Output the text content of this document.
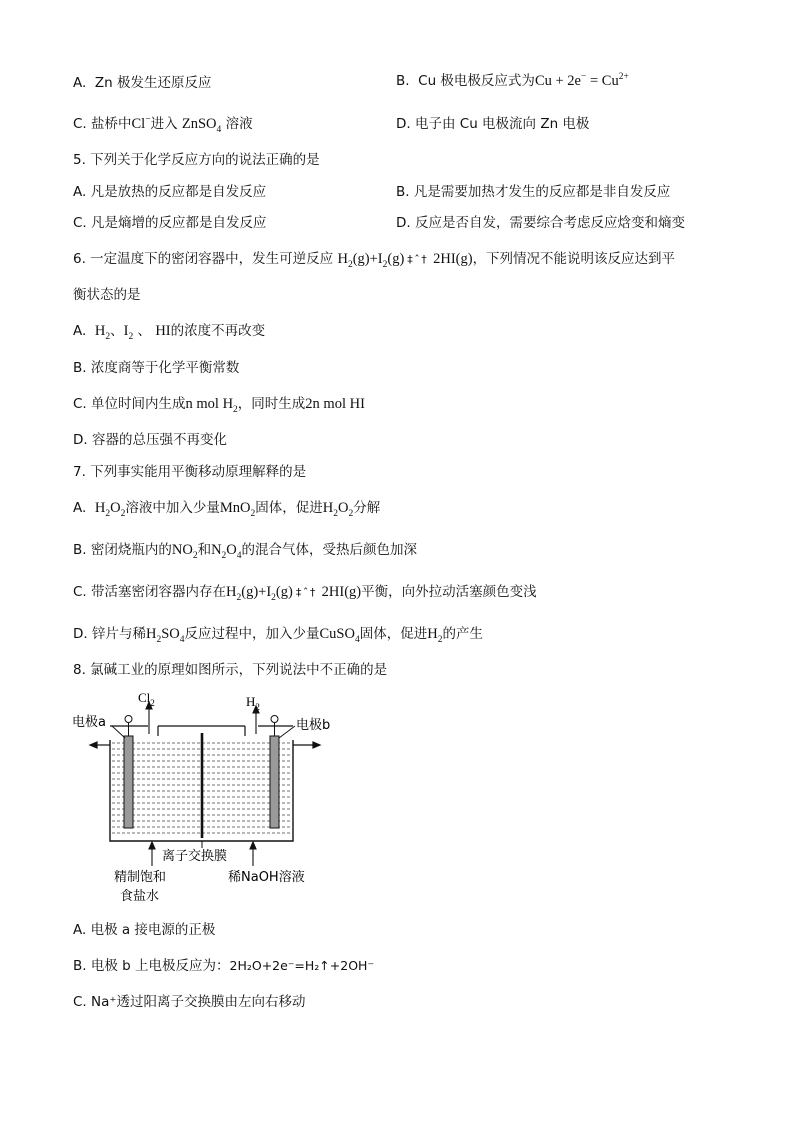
A. Zn 极发生还原反应	B. Cu 极电极反应式为$Cu + 2e^- = Cu^{2+}$
C. 盐桥中Cl−进入 ZnSO$_4$ 溶液	D. 电子由 Cu 电极流向 Zn 电极
5. 下列关于化学反应方向的说法正确的是
A. 凡是放热的反应都是自发反应	B. 凡是需要加热才发生的反应都是非自发反应
C. 凡是熵增的反应都是自发反应	D. 反应是否自发，需要综合考虑反应焓变和熵变
6. 一定温度下的密闭容器中，发生可逆反应 $H_2(g)+I_2(g)$ ‡ ˆ † 2HI(g)，下列情况不能说明该反应达到平
衡状态的是
A. $H_2$、$I_2$ 、 HI的浓度不再改变
B. 浓度商等于化学平衡常数
C. 单位时间内生成n mol $H_2$，同时生成2n mol HI
D. 容器的总压强不再变化
7. 下列事实能用平衡移动原理解释的是
A. $H_2O_2$溶液中加入少量MnO$_2$固体，促进$H_2O_2$分解
B. 密闭烧瓶内的$NO_2$和$N_2O_4$的混合气体，受热后颜色加深
C. 带活塞密闭容器内存在$H_2(g)+I_2(g)$ ‡ ˆ † 2HI(g)平衡，向外拉动活塞颜色变浅
D. 锌片与稀$H_2SO_4$反应过程中，加入少量CuSO$_4$固体，促进$H_2$的产生
8. 氯碱工业的原理如图所示，下列说法中不正确的是
$Cl_2$	$H_2$
电极a	电极b
离子交换膜
精制饱和
食盐水
稀NaOH溶液
A. 电极 a 接电源的正极
B. 电极 b 上电极反应为：2H₂O+2e⁻=H₂↑+2OH⁻
C. Na⁺透过阳离子交换膜由左向右移动
